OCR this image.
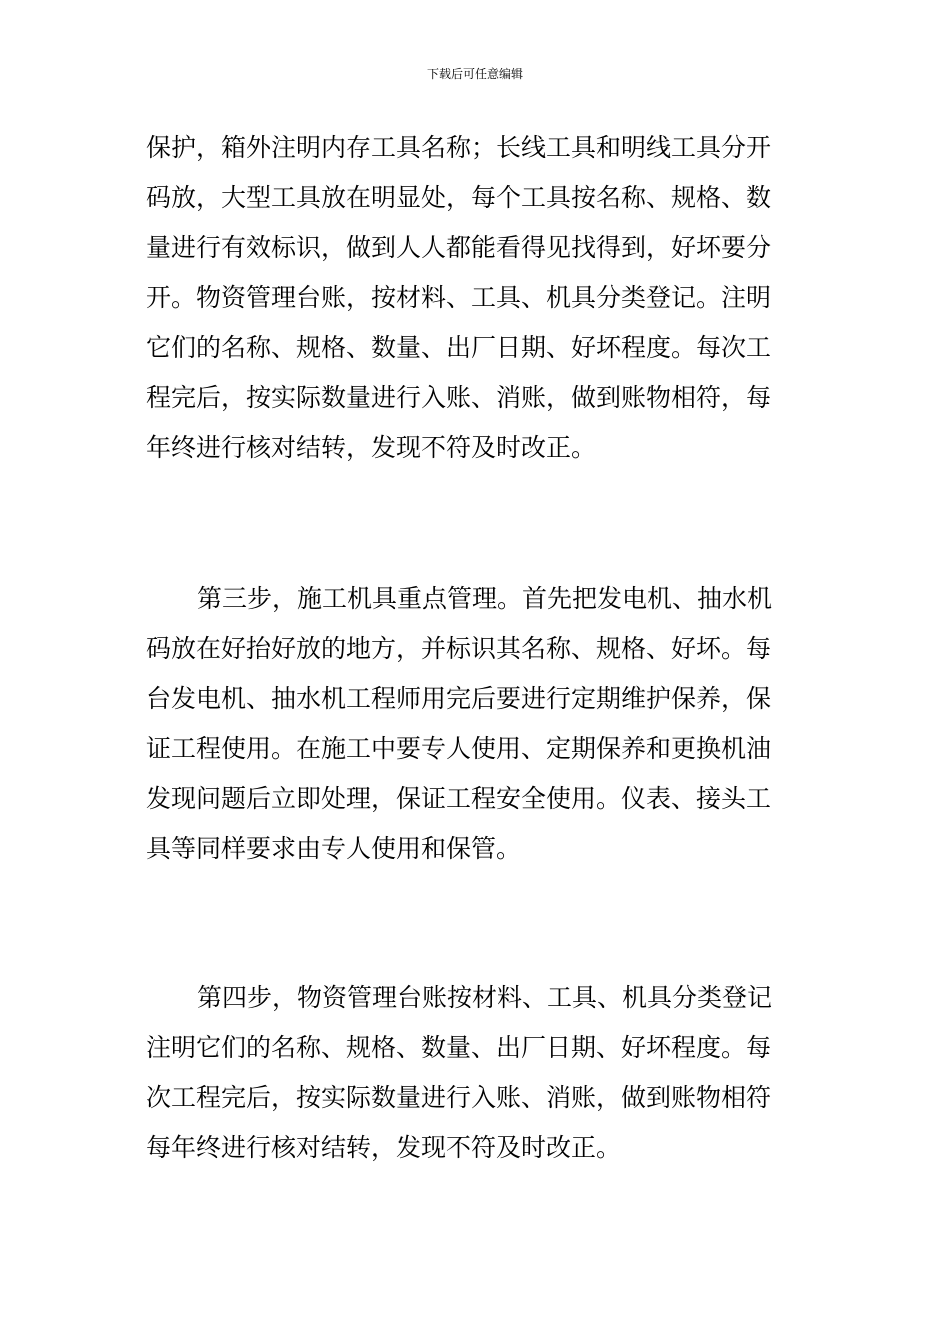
下载后可任意编辑
保护，箱外注明内存工具名称；长线工具和明线工具分开
码放，大型工具放在明显处，每个工具按名称、规格、数
量进行有效标识，做到人人都能看得见找得到，好坏要分
开。物资管理台账，按材料、工具、机具分类登记。注明
它们的名称、规格、数量、出厂日期、好坏程度。每次工
程完后，按实际数量进行入账、消账，做到账物相符，每
年终进行核对结转，发现不符及时改正。
第三步，施工机具重点管理。首先把发电机、抽水机
码放在好抬好放的地方，并标识其名称、规格、好坏。每
台发电机、抽水机工程师用完后要进行定期维护保养，保
证工程使用。在施工中要专人使用、定期保养和更换机油
发现问题后立即处理，保证工程安全使用。仪表、接头工
具等同样要求由专人使用和保管。
第四步，物资管理台账按材料、工具、机具分类登记
注明它们的名称、规格、数量、出厂日期、好坏程度。每
次工程完后，按实际数量进行入账、消账，做到账物相符
每年终进行核对结转，发现不符及时改正。
